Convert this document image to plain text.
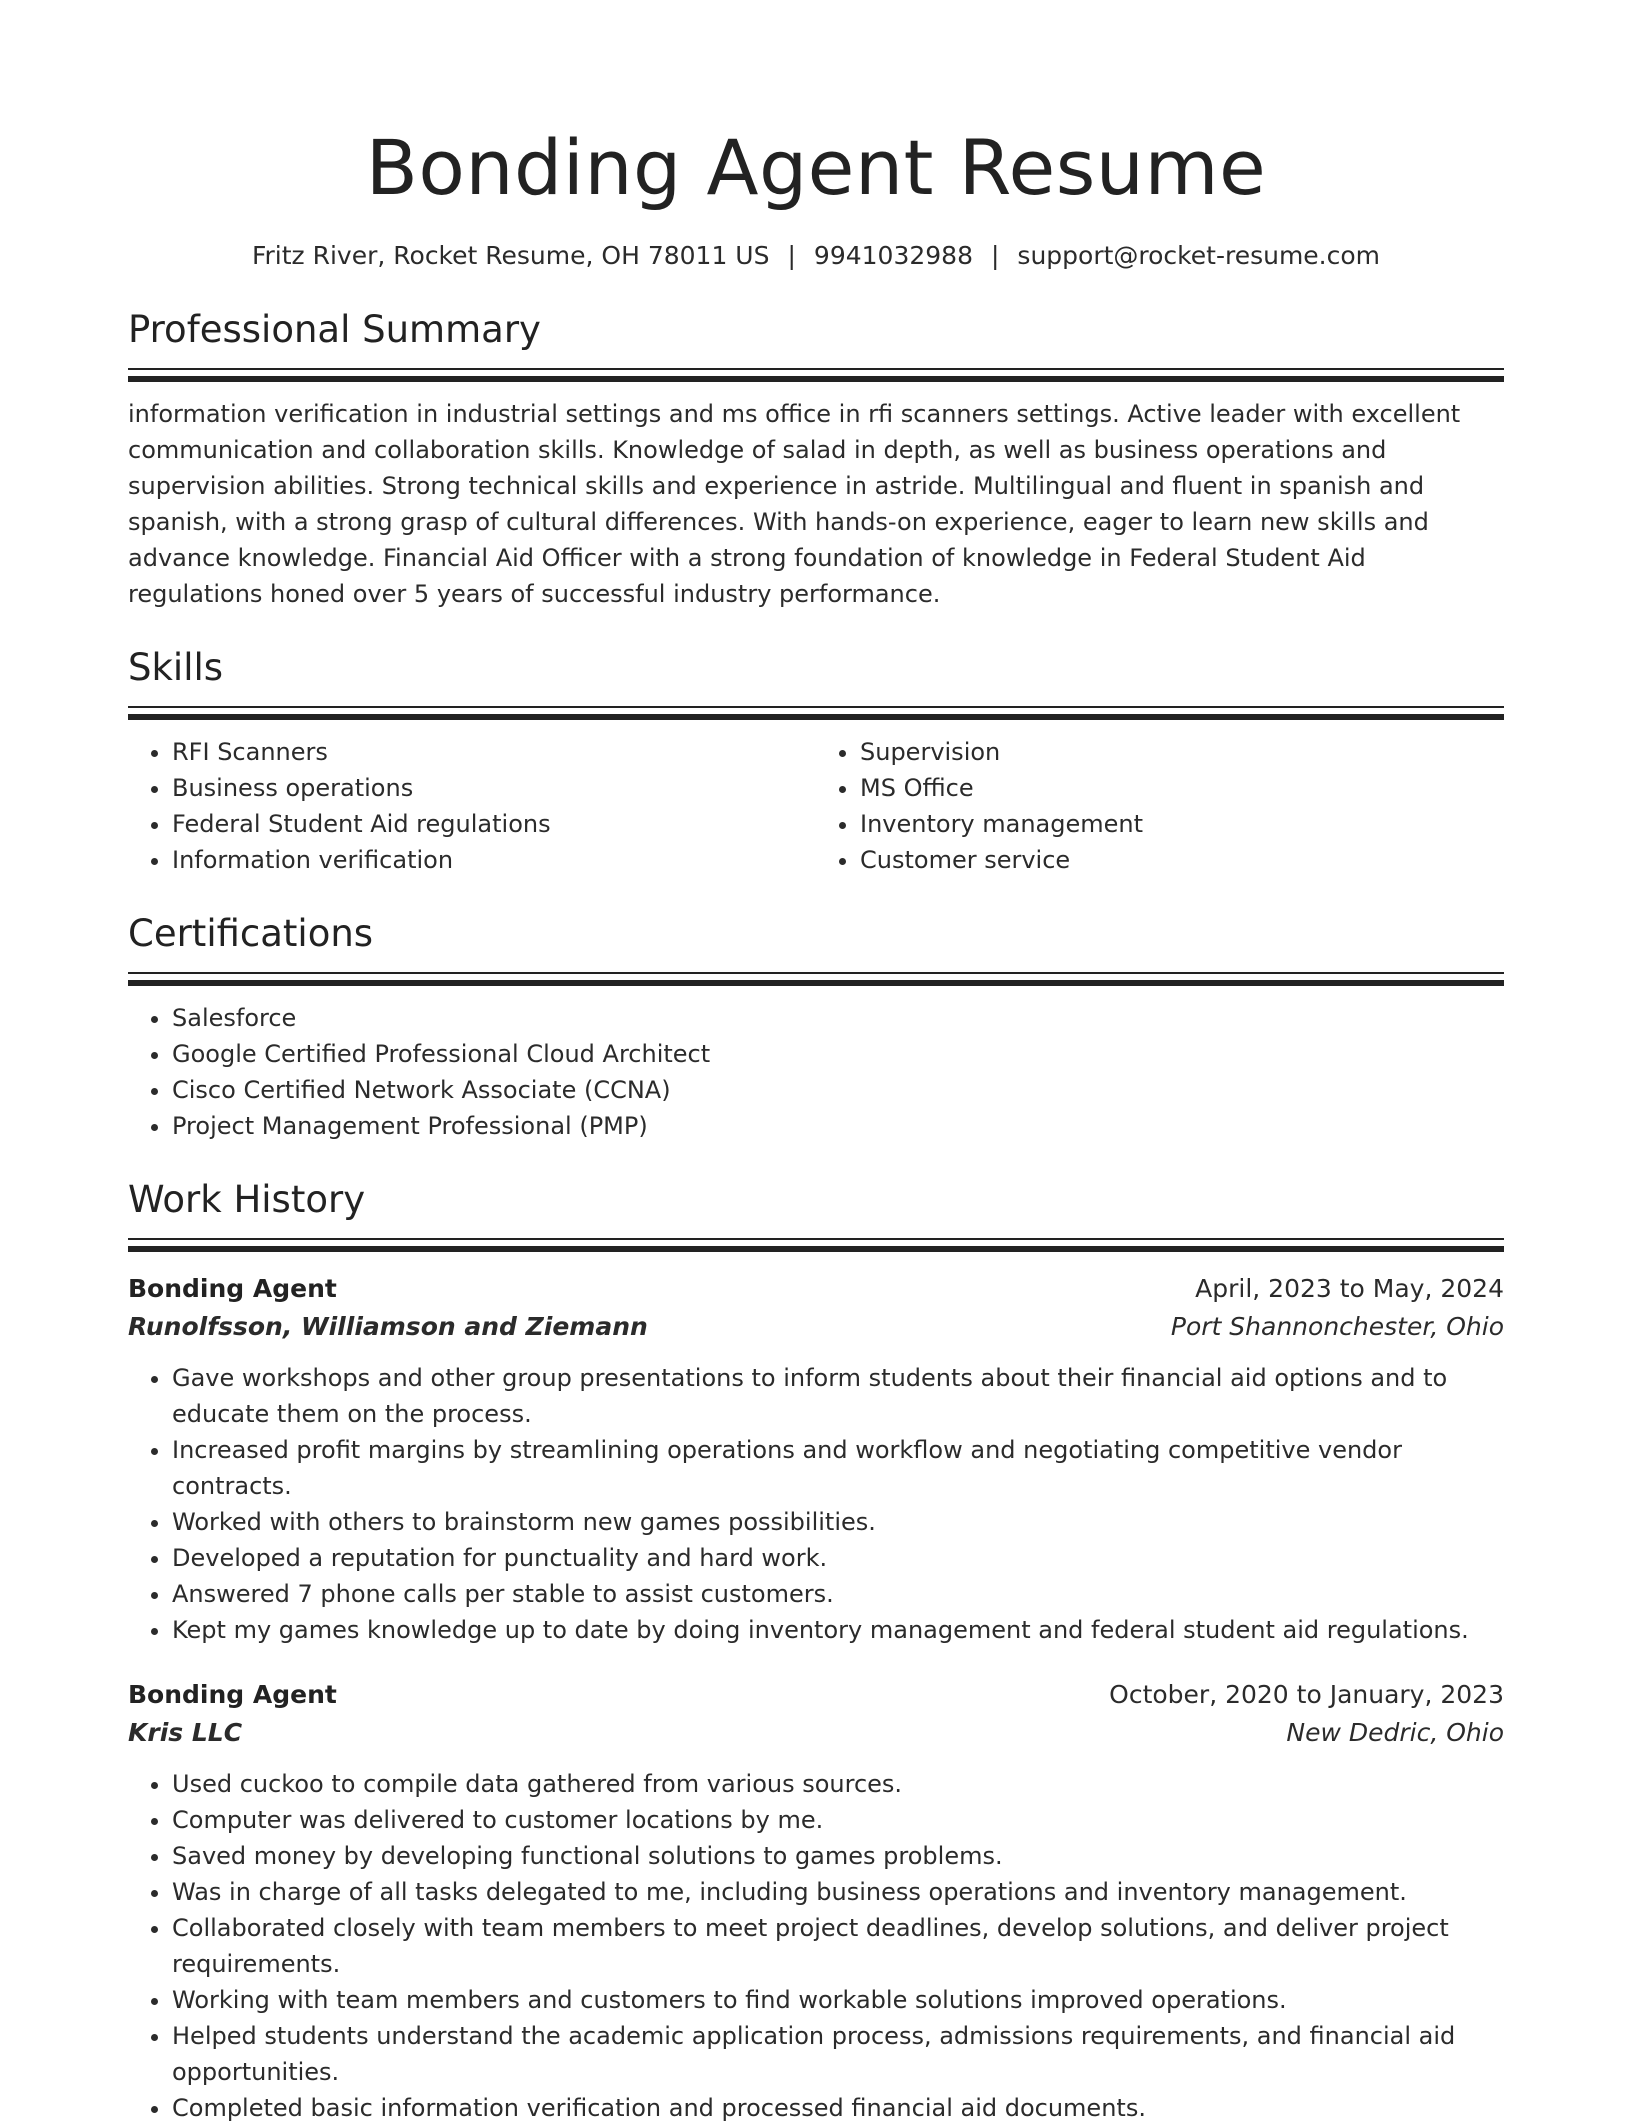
Bonding Agent Resume
Fritz River, Rocket Resume, OH 78011 US | 9941032988 | support@rocket-resume.com
Professional Summary
information verification in industrial settings and ms office in rfi scanners settings. Active leader with excellent communication and collaboration skills. Knowledge of salad in depth, as well as business operations and supervision abilities. Strong technical skills and experience in astride. Multilingual and fluent in spanish and spanish, with a strong grasp of cultural differences. With hands-on experience, eager to learn new skills and advance knowledge. Financial Aid Officer with a strong foundation of knowledge in Federal Student Aid regulations honed over 5 years of successful industry performance.
Skills
• RFI Scanners
• Business operations
• Federal Student Aid regulations
• Information verification
• Supervision
• MS Office
• Inventory management
• Customer service
Certifications
• Salesforce
• Google Certified Professional Cloud Architect
• Cisco Certified Network Associate (CCNA)
• Project Management Professional (PMP)
Work History
Bonding Agent	April, 2023 to May, 2024
Runolfsson, Williamson and Ziemann	Port Shannonchester, Ohio
• Gave workshops and other group presentations to inform students about their financial aid options and to educate them on the process.
• Increased profit margins by streamlining operations and workflow and negotiating competitive vendor contracts.
• Worked with others to brainstorm new games possibilities.
• Developed a reputation for punctuality and hard work.
• Answered 7 phone calls per stable to assist customers.
• Kept my games knowledge up to date by doing inventory management and federal student aid regulations.
Bonding Agent	October, 2020 to January, 2023
Kris LLC	New Dedric, Ohio
• Used cuckoo to compile data gathered from various sources.
• Computer was delivered to customer locations by me.
• Saved money by developing functional solutions to games problems.
• Was in charge of all tasks delegated to me, including business operations and inventory management.
• Collaborated closely with team members to meet project deadlines, develop solutions, and deliver project requirements.
• Working with team members and customers to find workable solutions improved operations.
• Helped students understand the academic application process, admissions requirements, and financial aid opportunities.
• Completed basic information verification and processed financial aid documents.
